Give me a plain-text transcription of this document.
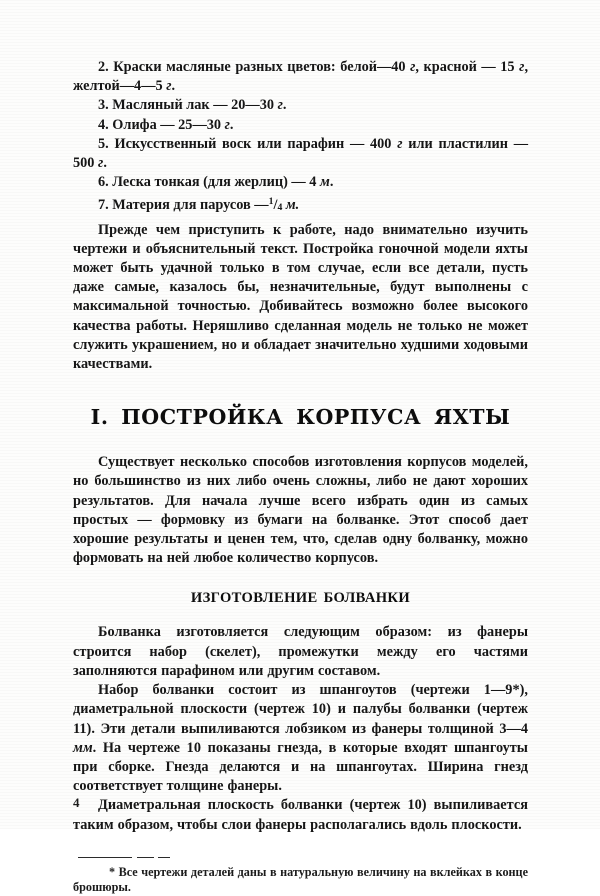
2. Краски масляные разных цветов: белой—40 г, красной — 15 г, желтой—4—5 г.

3. Масляный лак — 20—30 г.

4. Олифа — 25—30 г.

5. Искусственный воск или парафин — 400 г или пластилин — 500 г.

6. Леска тонкая (для жерлиц) — 4 м.

7. Материя для парусов $—^1/_4$ м.

Прежде чем приступить к работе, надо внимательно изучить чертежи и объяснительный текст. Постройка гоночной модели яхты может быть удачной только в том случае, если все детали, пусть даже самые, казалось бы, незначительные, будут выполнены с максимальной точностью. Добивайтесь возможно более высокого качества работы. Неряшливо сделанная модель не только не может служить украшением, но и обладает значительно худшими ходовыми качествами.

I. ПОСТРОЙКА КОРПУСА ЯХТЫ

Существует несколько способов изготовления корпусов моделей, но большинство из них либо очень сложны, либо не дают хороших результатов. Для начала лучше всего избрать один из самых простых — формовку из бумаги на болванке. Этот способ дает хорошие результаты и ценен тем, что, сделав одну болванку, можно формовать на ней любое количество корпусов.

ИЗГОТОВЛЕНИЕ БОЛВАНКИ

Болванка изготовляется следующим образом: из фанеры строится набор (скелет), промежутки между его частями заполняются парафином или другим составом.

Набор болванки состоит из шпангоутов (чертежи 1—9*), диаметральной плоскости (чертеж 10) и палубы болванки (чертеж 11). Эти детали выпиливаются лобзиком из фанеры толщиной 3—4 мм. На чертеже 10 показаны гнезда, в которые входят шпангоуты при сборке. Гнезда делаются и на шпангоутах. Ширина гнезд соответствует толщине фанеры.

Диаметральная плоскость болванки (чертеж 10) выпиливается таким образом, чтобы слои фанеры располагались вдоль плоскости.

* Все чертежи деталей даны в натуральную величину на вклейках в конце брошюры.

4
